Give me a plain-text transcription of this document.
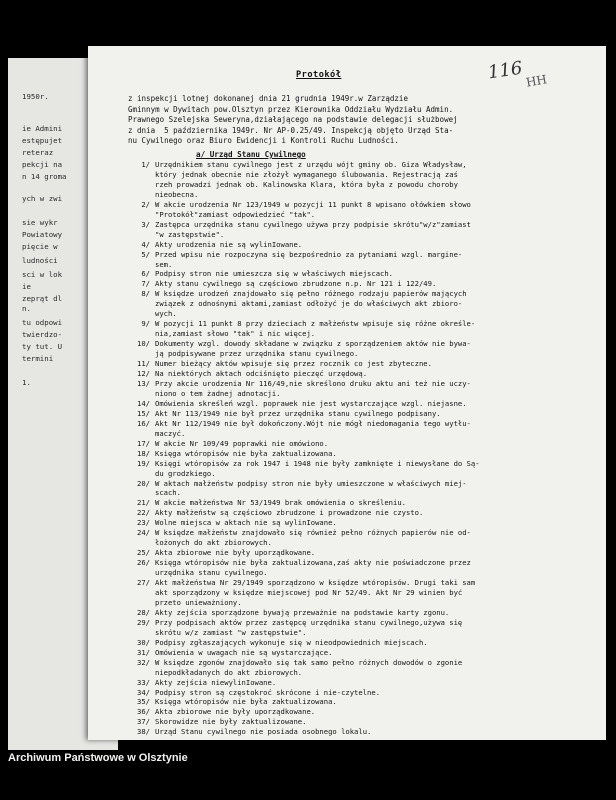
1950r.
ie Admini
estępujet
reteraz
pekcji na
n 14 groma
ych w zwi
sie wykr
Powiatowy
pięcie w
ludności
sci w lok
ie
zeprąt dl
n.
tu odpowi
twierdzo-
ty tut. U
termini
1.
Protokół	116 HH
z inspekcji lotnej dokonanej dnia 21 grudnia 1949r.w Zarządzie
Gminnym w Dywitach pow.Olsztyn przez Kierownika Oddziału Wydziału Admin.
Prawnego Szelejska Seweryna,działającego na podstawie delegacji służbowej
z dnia  5 października 1949r. Nr AP-0.25/49. Inspekcją objęto Urząd Sta-
nu Cywilnego oraz Biuro Ewidencji i Kontroli Ruchu Ludności.
a/ Urząd Stanu Cywilnego
1/ Urzędnikiem stanu cywilnego jest z urzędu wójt gminy ob. Giza Władysław,
który jednak obecnie nie złożył wymaganego ślubowania. Rejestracją zaś
rzeh prowadzi jednak ob. Kalinowska Klara, która była z powodu choroby
nieobecna.
2/ W akcie urodzenia Nr 123/1949 w pozycji 11 punkt 8 wpisano ołówkiem słowo
"Protokół"zamiast odpowiedzieć "tak".
3/ Zastępca urzędnika stanu cywilnego używa przy podpisie skrótu"w/z"zamiast
"w zastępstwie".
4/ Akty urodzenia nie są wylinIowane.
5/ Przed wpisu nie rozpoczyna się bezpośrednio za pytaniami wzgl. margine-
sem.
6/ Podpisy stron nie umieszcza się w właściwych miejscach.
7/ Akty stanu cywilnego są częściowo zbrudzone n.p. Nr 121 i 122/49.
8/ W księdze urodzeń znajdowało się pełno różnego rodzaju papierów mających
związek z odnośnymi aktami,zamiast odłożyć je do właściwych akt zbioro-
wych.
9/ W pozycji 11 punkt 8 przy dzieciach z małżeństw wpisuje się różne określe-
nia,zamiast słowo "tak" i nic więcej.
10/ Dokumenty wzgl. dowody składane w związku z sporządzeniem aktów nie bywa-
ją podpisywane przez urzędnika stanu cywilnego.
11/ Numer bieżący aktów wpisuje się przez rocznik co jest zbyteczne.
12/ Na niektórych aktach odciśnięto pieczęć urzędową.
13/ Przy akcie urodzenia Nr 116/49,nie skreślono druku aktu ani też nie uczy-
niono o tem żadnej adnotacji.
14/ Omówienia skreśleń wzgl. poprawek nie jest wystarczające wzgl. niejasne.
15/ Akt Nr 113/1949 nie był przez urzędnika stanu cywilnego podpisany.
16/ Akt Nr 112/1949 nie był dokończony.Wójt nie mógł niedomagania tego wytłu-
maczyć.
17/ W akcie Nr 109/49 poprawki nie omówiono.
18/ Księga wtóropisów nie była zaktualizowana.
19/ Księgi wtóropisów za rok 1947 i 1948 nie były zamknięte i niewysłane do Są-
du grodzkiego.
20/ W aktach małżeństw podpisy stron nie były umieszczone w właściwych miej-
scach.
21/ W akcie małżeństwa Nr 53/1949 brak omówienia o skreśleniu.
22/ Akty małżeństw są częściowo zbrudzone i prowadzone nie czysto.
23/ Wolne miejsca w aktach nie są wylinIowane.
24/ W księdze małżeństw znajdowało się również pełno różnych papierów nie od-
łożonych do akt zbiorowych.
25/ Akta zbiorowe nie były uporządkowane.
26/ Księga wtóropisów nie była zaktualizowana,zaś akty nie poświadczone przez
urzędnika stanu cywilnego.
27/ Akt małżeństwa Nr 29/1949 sporządzono w księdze wtóropisów. Drugi taki sam
akt sporządzony w księdze miejscowej pod Nr 52/49. Akt Nr 29 winien być
przeto unieważniony.
28/ Akty zejścia sporządzone bywają przeważnie na podstawie karty zgonu.
29/ Przy podpisach aktów przez zastępcę urzędnika stanu cywilnego,używa się
skrótu w/z zamiast "w zastępstwie".
30/ Podpisy zgłaszających wykonuje się w nieodpowiednich miejscach.
31/ Omówienia w uwagach nie są wystarczające.
32/ W księdze zgonów znajdowało się tak samo pełno różnych dowodów o zgonie
niepodkładanych do akt zbiorowych.
33/ Akty zejścia niewylinIowane.
34/ Podpisy stron są częstokroć skrócone i nie-czytelne.
35/ Księga wtóropisów nie była zaktualizowana.
36/ Akta zbiorowe nie były uporządkowane.
37/ Skorowidze nie były zaktualizowane.
38/ Urząd Stanu cywilnego nie posiada osobnego lokalu.
Archiwum Państwowe w Olsztynie
